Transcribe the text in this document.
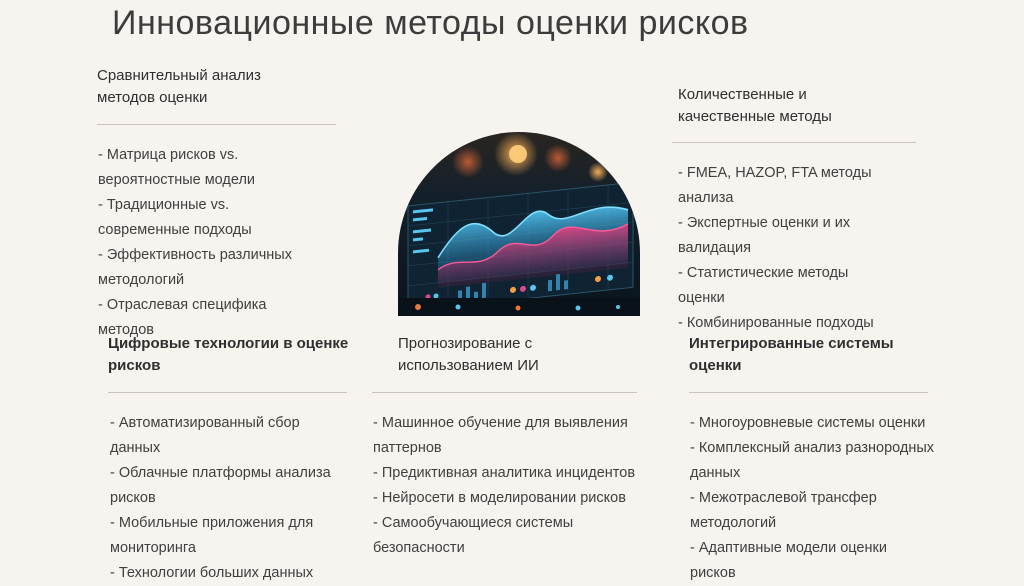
Инновационные методы оценки рисков
Сравнительный анализ
методов оценки
- Матрица рисков vs.
вероятностные модели
- Традиционные vs.
современные подходы
- Эффективность различных
методологий
- Отраслевая специфика
методов
Количественные и
качественные методы
- FMEA, HAZOP, FTA методы
анализа
- Экспертные оценки и их
валидация
- Статистические методы
оценки
- Комбинированные подходы
Цифровые технологии в оценке
рисков
- Автоматизированный сбор
данных
- Облачные платформы анализа
рисков
- Мобильные приложения для
мониторинга
- Технологии больших данных
Прогнозирование с
использованием ИИ
- Машинное обучение для выявления
паттернов
- Предиктивная аналитика инцидентов
- Нейросети в моделировании рисков
- Самообучающиеся системы
безопасности
Интегрированные системы
оценки
- Многоуровневые системы оценки
- Комплексный анализ разнородных
данных
- Межотраслевой трансфер
методологий
- Адаптивные модели оценки
рисков
